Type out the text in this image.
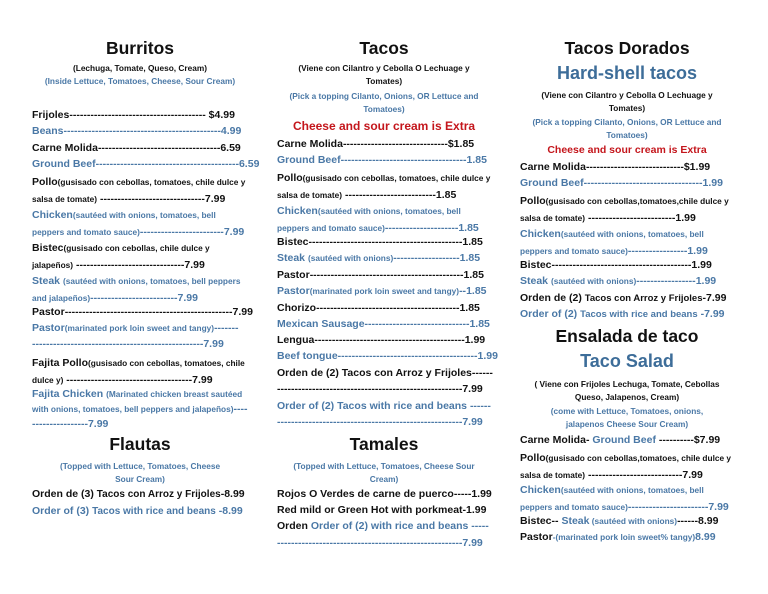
Burritos
(Lechuga, Tomate, Queso, Cream)
(Inside Lettuce, Tomatoes, Cheese, Sour Cream)
Frijoles--------------------------------------- $4.99
Beans---------------------------------------------4.99
Carne Molida-----------------------------------6.59
Ground Beef-----------------------------------------6.59
Pollo(gusisado con cebollas, tomatoes, chile dulce y salsa de tomate) ------------------------------7.99
Chicken(sautéed with onions, tomatoes, bell peppers and tomato sauce)------------------------7.99
Bistec(gusisado con cebollas, chile dulce y jalapeños) -------------------------------7.99
Steak (sautéed with onions, tomatoes, bell peppers and jalapeños)-------------------------7.99
Pastor------------------------------------------------7.99
Pastor(marinated pork loin sweet and tangy)-------
-------------------------------------------------7.99
Fajita Pollo(gusisado con cebollas, tomatoes, chile dulce y) ------------------------------------7.99
Fajita Chicken (Marinated chicken breast sautéed with onions, tomatoes, bell peppers and jalapeños)--------------------7.99
Flautas
(Topped with Lettuce, Tomatoes, Cheese Sour Cream)
Orden de (3) Tacos con Arroz y Frijoles-8.99
Order of (3) Tacos with rice and beans -8.99
Tacos
(Viene con Cilantro y Cebolla O Lechuage y Tomates)
(Pick a topping Cilanto, Onions, OR Lettuce and Tomatoes)
Cheese and sour cream is Extra
Carne Molida------------------------------$1.85
Ground Beef------------------------------------1.85
Pollo(gusisado con cebollas, tomatoes, chile dulce y salsa de tomate) --------------------------1.85
Chicken(sautéed with onions, tomatoes, bell peppers and tomato sauce)---------------------1.85
Bistec--------------------------------------------1.85
Steak (sautéed with onions)-------------------1.85
Pastor--------------------------------------------1.85
Pastor(marinated pork loin sweet and tangy)--1.85
Chorizo-----------------------------------------1.85
Mexican Sausage------------------------------1.85
Lengua-------------------------------------------1.99
Beef tongue----------------------------------------1.99
Orden de (2) Tacos con Arroz y Frijoles------
-----------------------------------------------------7.99
Order of (2) Tacos with rice and beans ------
-----------------------------------------------------7.99
Tamales
(Topped with Lettuce, Tomatoes, Cheese Sour Cream)
Rojos O Verdes de carne de puerco-----1.99
Red mild or Green Hot with porkmeat-1.99
Orden Order of (2) with rice and beans -----
-----------------------------------------------------7.99
Tacos Dorados
Hard-shell tacos
(Viene con Cilantro y Cebolla O Lechuage y Tomates)
(Pick a topping Cilanto, Onions, OR Lettuce and Tomatoes)
Cheese and sour cream is Extra
Carne Molida----------------------------$1.99
Ground Beef----------------------------------1.99
Pollo(gusisado con cebollas,tomatoes,chile dulce y salsa de tomate) -------------------------1.99
Chicken(sautéed with onions, tomatoes, bell peppers and tomato sauce)-----------------1.99
Bistec----------------------------------------1.99
Steak (sautéed with onions)-----------------1.99
Orden de (2) Tacos con Arroz y Frijoles-7.99
Order of (2) Tacos with rice and beans -7.99
Ensalada de taco
Taco Salad
( Viene con Frijoles Lechuga, Tomate, Cebollas Queso, Jalapenos, Cream)
(come with Lettuce, Tomatoes, onions, jalapenos Cheese Sour Cream)
Carne Molida- Ground Beef ----------$7.99
Pollo(gusisado con cebollas,tomatoes, chile dulce y salsa de tomate) ---------------------------7.99
Chicken(sautéed with onions, tomatoes, bell peppers and tomato sauce)-----------------------7.99
Bistec-- Steak (sautéed with onions)------8.99
Pastor-(marinated pork loin sweet% tangy)8.99
